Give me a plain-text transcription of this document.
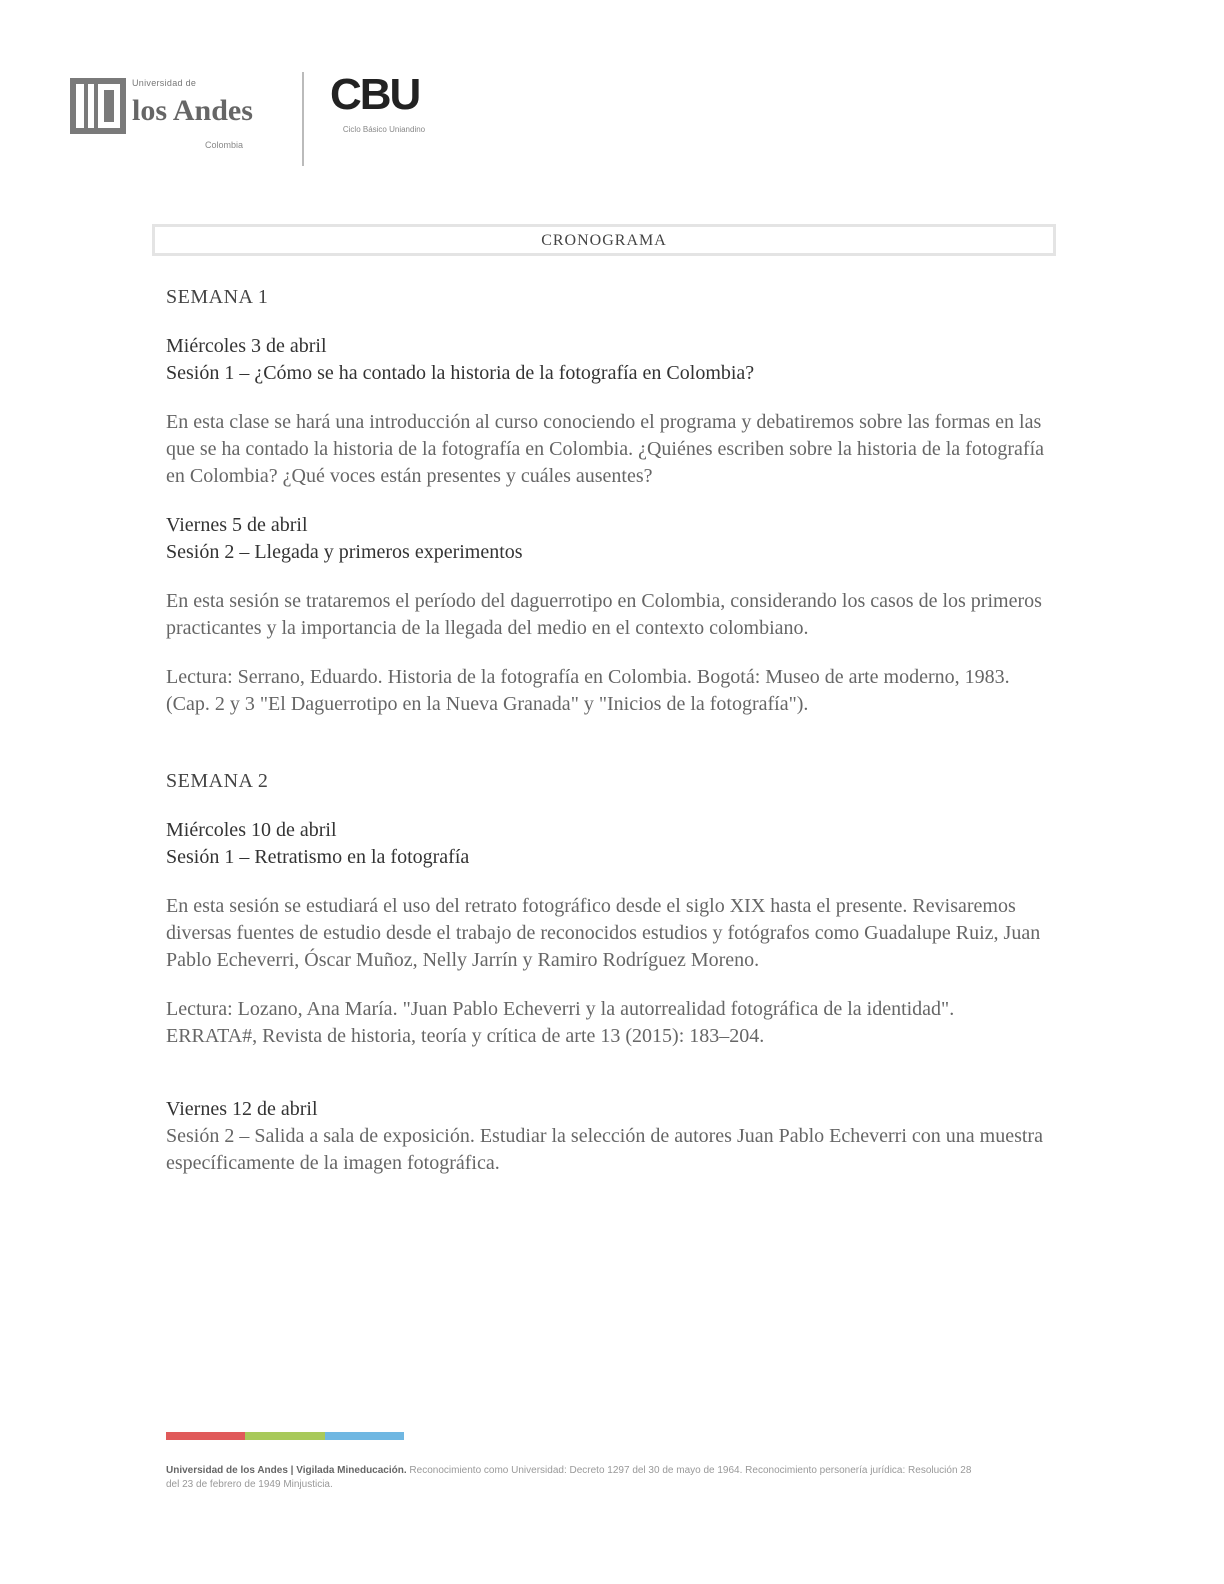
Universidad de
los Andes
Colombia
CBU
Ciclo Básico Uniandino
CRONOGRAMA
SEMANA 1
Miércoles 3 de abril
Sesión 1 – ¿Cómo se ha contado la historia de la fotografía en Colombia?

En esta clase se hará una introducción al curso conociendo el programa y debatiremos sobre las formas en las que se ha contado la historia de la fotografía en Colombia. ¿Quiénes escriben sobre la historia de la fotografía en Colombia? ¿Qué voces están presentes y cuáles ausentes?

Viernes 5 de abril
Sesión 2 – Llegada y primeros experimentos

En esta sesión se trataremos el período del daguerrotipo en Colombia, considerando los casos de los primeros practicantes y la importancia de la llegada del medio en el contexto colombiano.

Lectura: Serrano, Eduardo. Historia de la fotografía en Colombia. Bogotá: Museo de arte moderno, 1983. (Cap. 2 y 3 "El Daguerrotipo en la Nueva Granada" y "Inicios de la fotografía").

SEMANA 2
Miércoles 10 de abril
Sesión 1 – Retratismo en la fotografía

En esta sesión se estudiará el uso del retrato fotográfico desde el siglo XIX hasta el presente. Revisaremos diversas fuentes de estudio desde el trabajo de reconocidos estudios y fotógrafos como Guadalupe Ruiz, Juan Pablo Echeverri, Óscar Muñoz, Nelly Jarrín y Ramiro Rodríguez Moreno.

Lectura: Lozano, Ana María. "Juan Pablo Echeverri y la autorrealidad fotográfica de la identidad". ERRATA#, Revista de historia, teoría y crítica de arte 13 (2015): 183–204.

Viernes 12 de abril
Sesión 2 – Salida a sala de exposición. Estudiar la selección de autores Juan Pablo Echeverri con una muestra específicamente de la imagen fotográfica.
Universidad de los Andes | Vigilada Mineducación. Reconocimiento como Universidad: Decreto 1297 del 30 de mayo de 1964. Reconocimiento personería jurídica: Resolución 28 del 23 de febrero de 1949 Minjusticia.
